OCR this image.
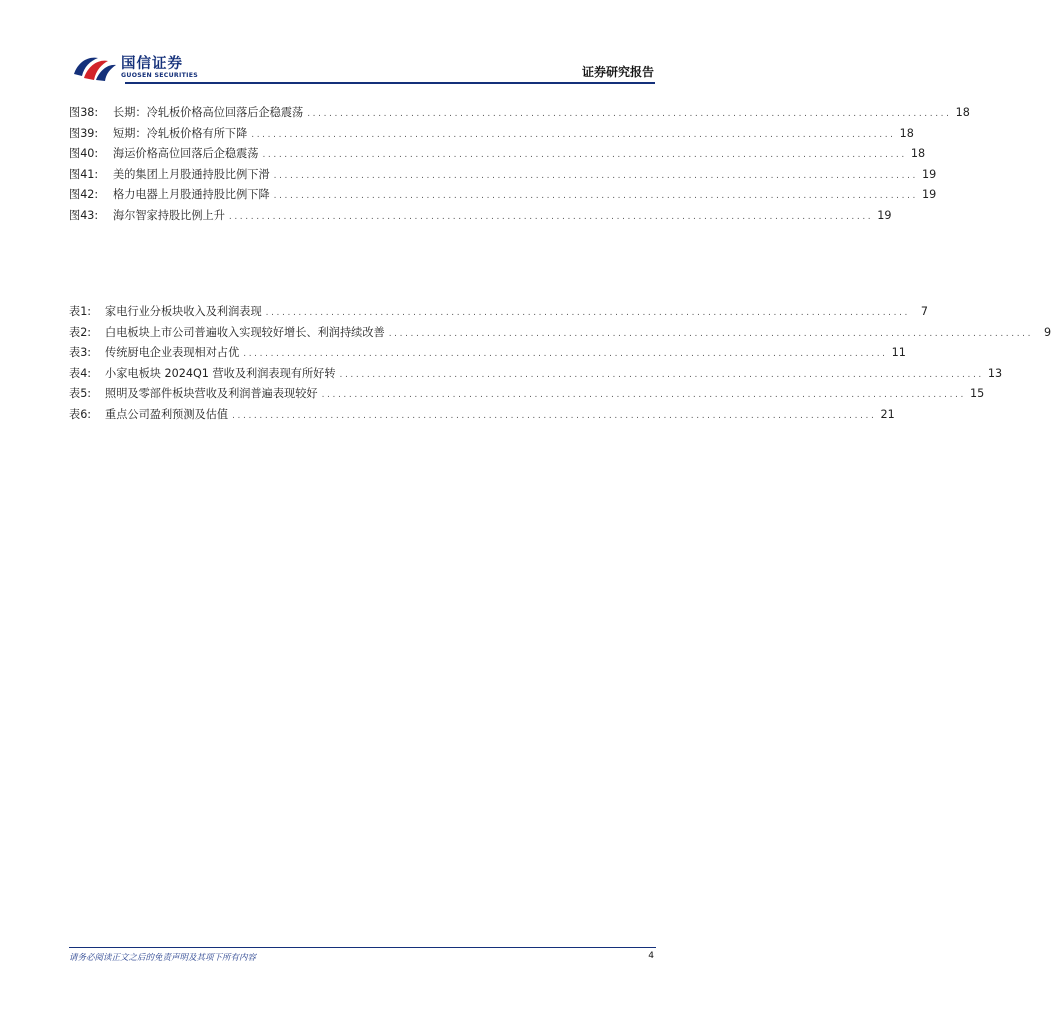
国信证券
GUOSEN SECURITIES	证券研究报告
图38:	长期：冷轧板价格高位回落后企稳震荡 ...................................................................................................................... 18
图39:	短期：冷轧板价格有所下降 ...................................................................................................................... 18
图40:	海运价格高位回落后企稳震荡 ...................................................................................................................... 18
图41:	美的集团上月股通持股比例下滑 ...................................................................................................................... 19
图42:	格力电器上月股通持股比例下降 ...................................................................................................................... 19
图43:	海尔智家持股比例上升 ...................................................................................................................... 19
表1:	家电行业分板块收入及利润表现 ...................................................................................................................... 7
表2:	白电板块上市公司普遍收入实现较好增长、利润持续改善 ...................................................................................................................... 9
表3:	传统厨电企业表现相对占优 ...................................................................................................................... 11
表4:	小家电板块 2024Q1 营收及利润表现有所好转 ...................................................................................................................... 13
表5:	照明及零部件板块营收及利润普遍表现较好 ...................................................................................................................... 15
表6:	重点公司盈利预测及估值 ...................................................................................................................... 21
请务必阅读正文之后的免责声明及其项下所有内容	4
